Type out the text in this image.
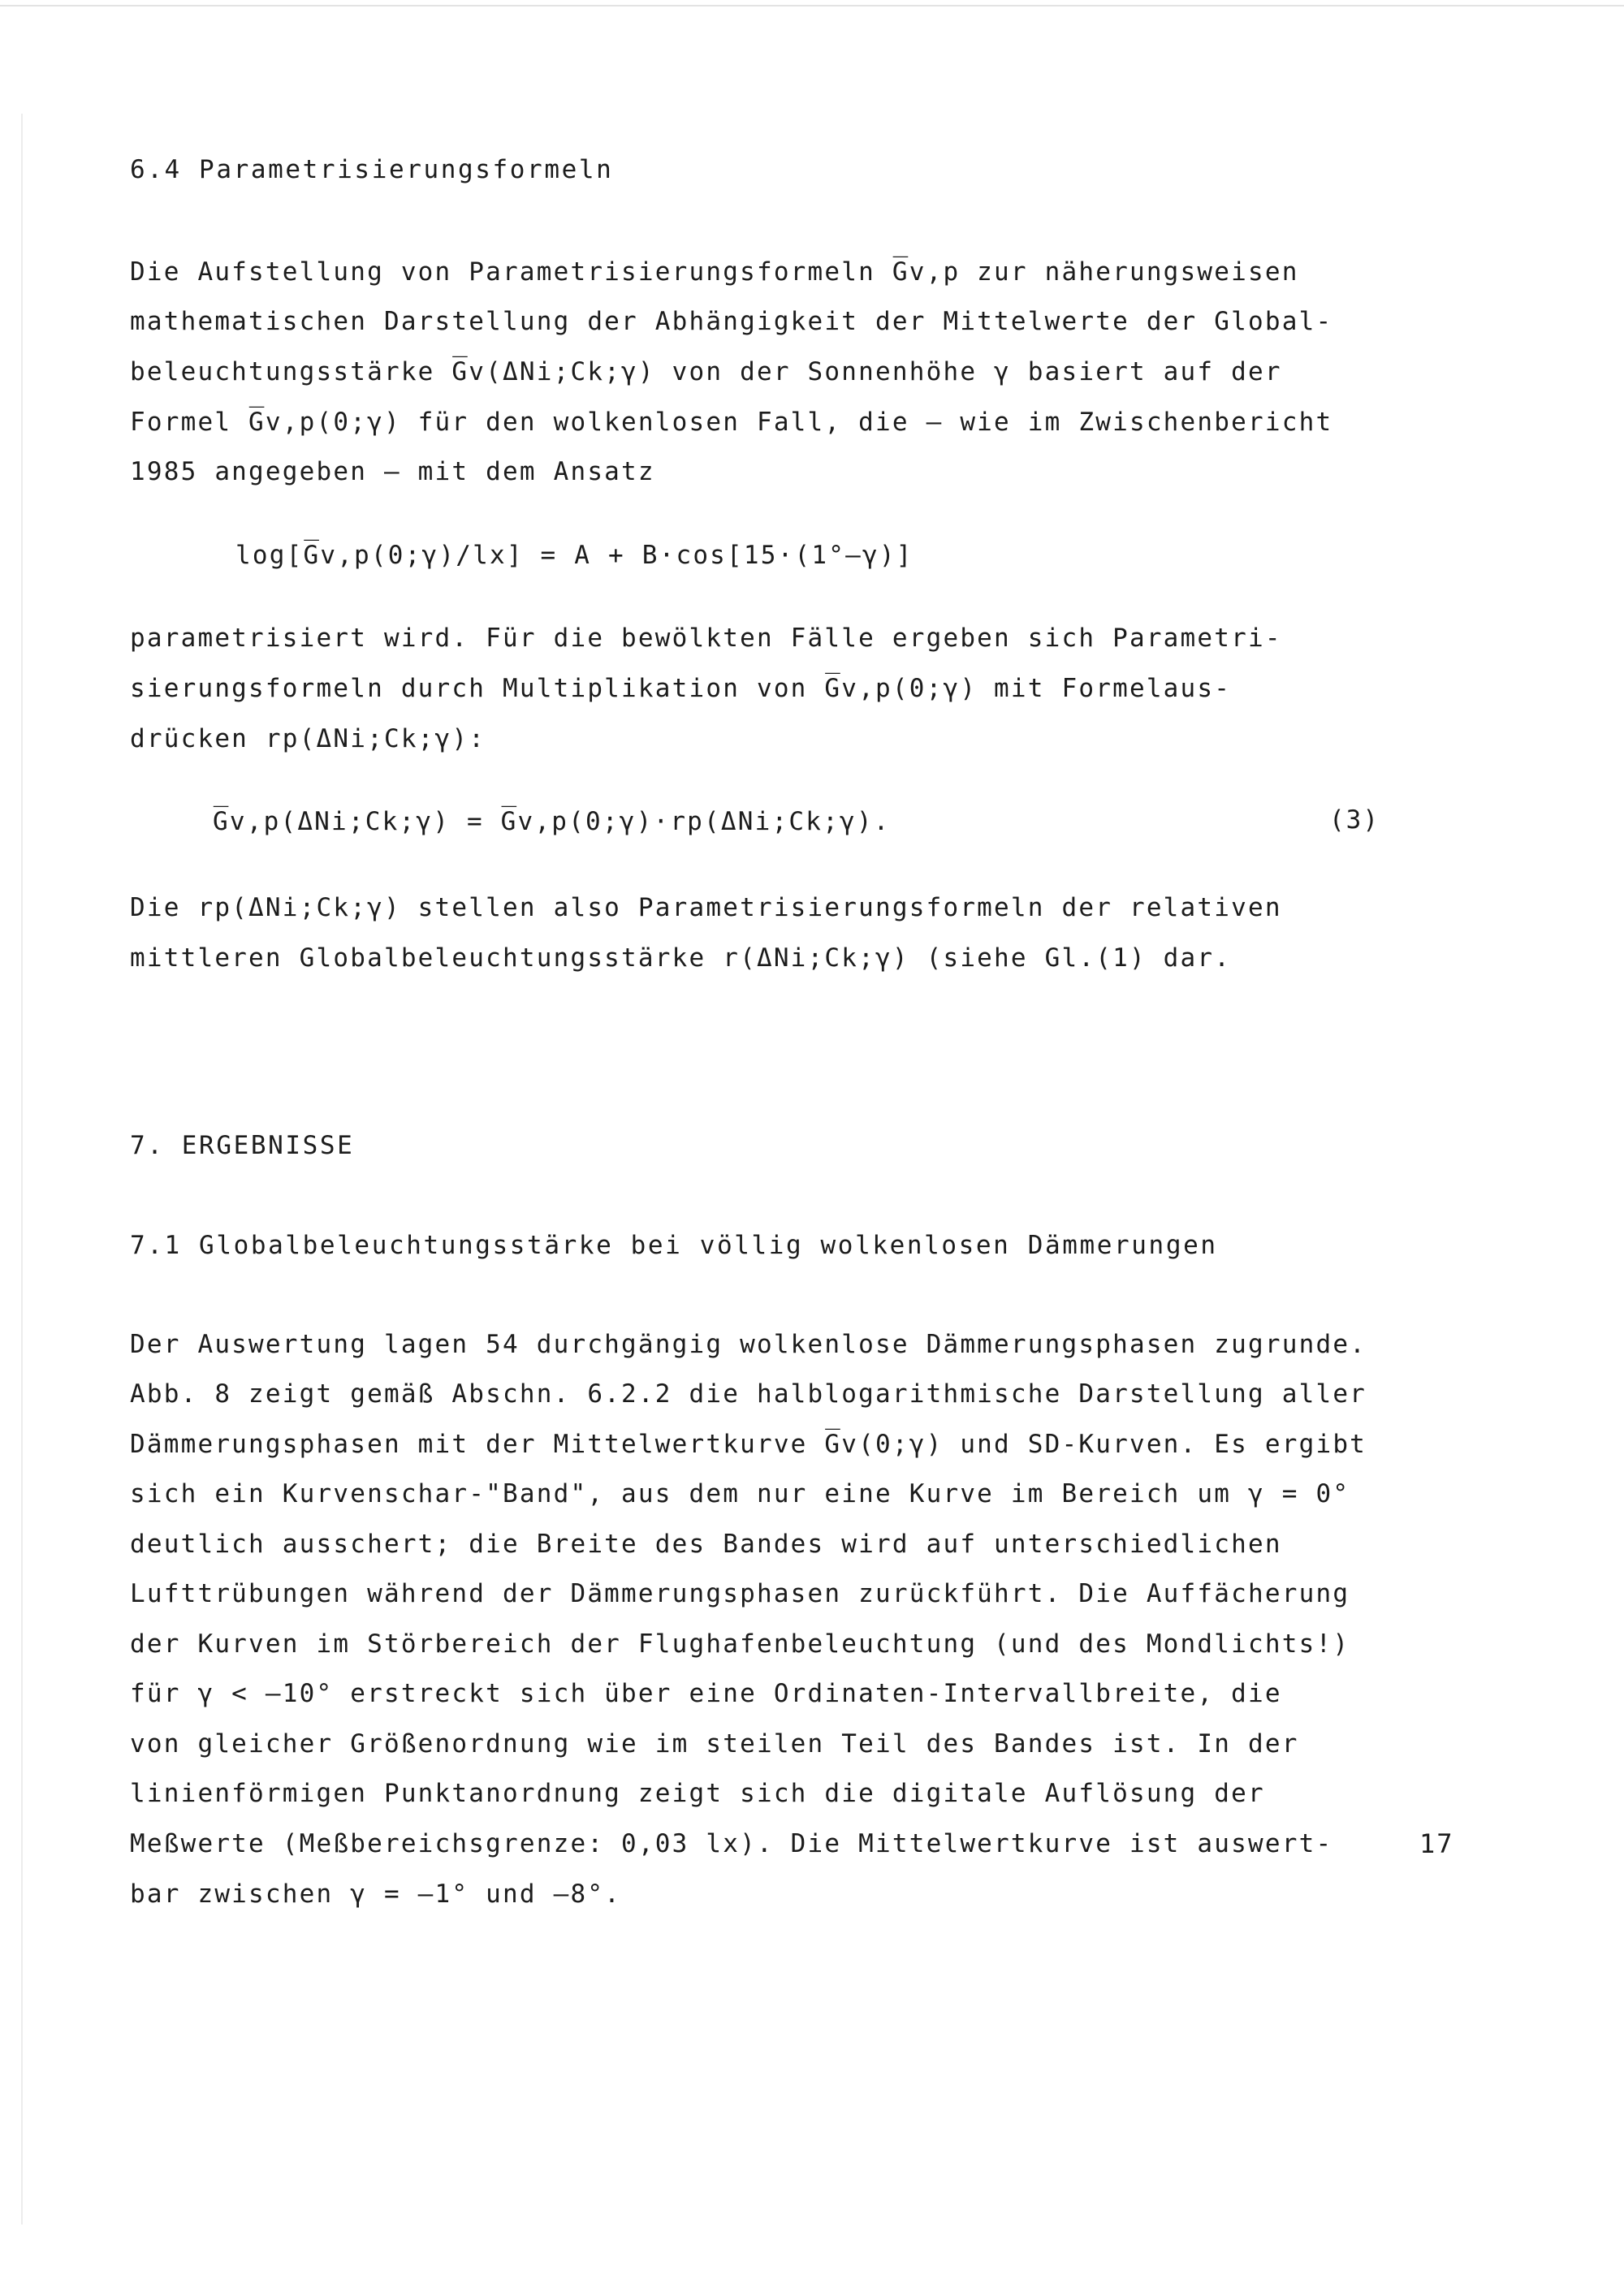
6.4 Parametrisierungsformeln
Die Aufstellung von Parametrisierungsformeln G̅v,p zur näherungsweisen
mathematischen Darstellung der Abhängigkeit der Mittelwerte der Global-
beleuchtungsstärke G̅v(ΔNi;Ck;γ) von der Sonnenhöhe γ basiert auf der
Formel G̅v,p(0;γ) für den wolkenlosen Fall, die – wie im Zwischenbericht
1985 angegeben – mit dem Ansatz
log[G̅v,p(0;γ)/lx] = A + B·cos[15·(1°–γ)]
parametrisiert wird. Für die bewölkten Fälle ergeben sich Parametri-
sierungsformeln durch Multiplikation von G̅v,p(0;γ) mit Formelaus-
drücken rp(ΔNi;Ck;γ):
G̅v,p(ΔNi;Ck;γ) = G̅v,p(0;γ)·rp(ΔNi;Ck;γ).	(3)
Die rp(ΔNi;Ck;γ) stellen also Parametrisierungsformeln der relativen
mittleren Globalbeleuchtungsstärke r(ΔNi;Ck;γ) (siehe Gl.(1) dar.
7. ERGEBNISSE
7.1 Globalbeleuchtungsstärke bei völlig wolkenlosen Dämmerungen
Der Auswertung lagen 54 durchgängig wolkenlose Dämmerungsphasen zugrunde.
Abb. 8 zeigt gemäß Abschn. 6.2.2 die halblogarithmische Darstellung aller
Dämmerungsphasen mit der Mittelwertkurve G̅v(0;γ) und SD-Kurven. Es ergibt
sich ein Kurvenschar-"Band", aus dem nur eine Kurve im Bereich um γ = 0°
deutlich ausschert; die Breite des Bandes wird auf unterschiedlichen
Lufttrübungen während der Dämmerungsphasen zurückführt. Die Auffächerung
der Kurven im Störbereich der Flughafenbeleuchtung (und des Mondlichts!)
für γ < –10° erstreckt sich über eine Ordinaten-Intervallbreite, die
von gleicher Größenordnung wie im steilen Teil des Bandes ist. In der
linienförmigen Punktanordnung zeigt sich die digitale Auflösung der
Meßwerte (Meßbereichsgrenze: 0,03 lx). Die Mittelwertkurve ist auswert-
bar zwischen γ = –1° und –8°.
17
